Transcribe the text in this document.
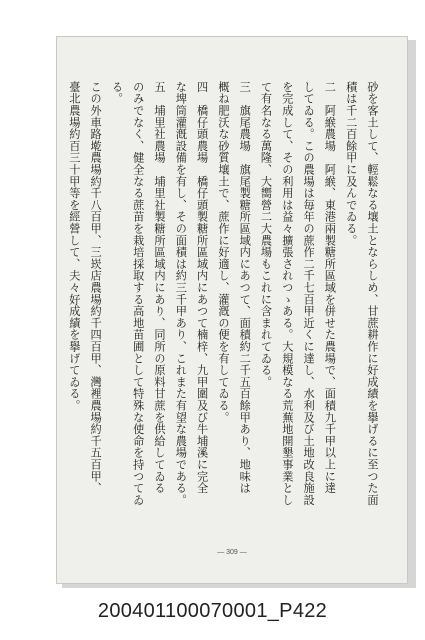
砂を客土して、輕鬆なる壤土とならしめ、甘蔗耕作に好成績を擧げるに至つた面
積は千二百餘甲に及んでゐる。
二　阿緱農場　阿緱、東港兩製糖所區域を併せた農場で、面積九千甲以上に達
してゐる。この農場は毎年の蔗作二千七百甲近くに達し、水利及び土地改良施設
を完成して、その利用は益々擴張されつゝある。大規模なる荒蕪地開墾事業とし
て有名なる萬隆、大嚮營二大農場もこれに含まれてゐる。
三　旗尾農場　旗尾製糖所區域内にあつて、面積約二千五百餘甲あり、地味は
概ね肥沃な砂質壤土で、蔗作に好適し、灌漑の便を有してゐる。
四　橋仔頭農場　橋仔頭製糖所區域内にあつて楠梓、九甲圍及び牛埔溪に完全
な埤筒灌漑設備を有し、その面積は約三千甲あり、これまた有望な農場である。
五　埔里社農場　埔里社製糖所區域内にあり、同所の原料甘蔗を供給してゐる
のみでなく、健全なる蔗苗を栽培採取する高地苗圃として特殊な使命を持つてゐ
る。
この外車路墘農場約千八百甲、三崁店農場約千四百甲、灣裡農場約千五百甲、
臺北農場約百三十甲等を經營して、夫々好成績を擧げてゐる。
— 309 —
200401100070001_P422
